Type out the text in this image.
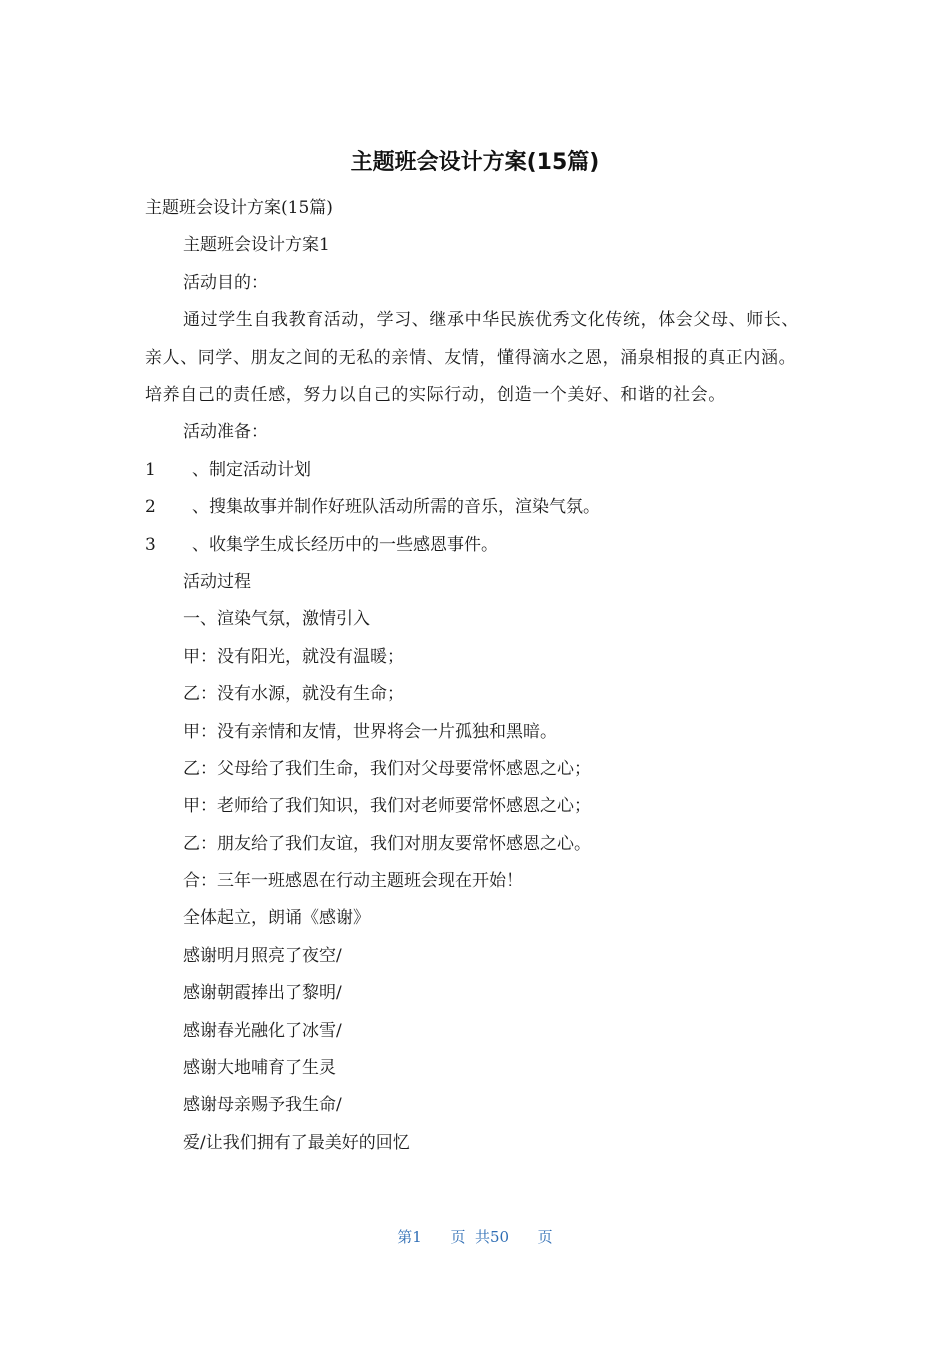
主题班会设计方案(15篇)

主题班会设计方案(15篇)

主题班会设计方案1

活动目的：

通过学生自我教育活动，学习、继承中华民族优秀文化传统，体会父母、师长、亲人、同学、朋友之间的无私的亲情、友情，懂得滴水之恩，涌泉相报的真正内涵。培养自己的责任感，努力以自己的实际行动，创造一个美好、和谐的社会。

活动准备：

1	、制定活动计划
2	、搜集故事并制作好班队活动所需的音乐，渲染气氛。
3	、收集学生成长经历中的一些感恩事件。

活动过程

一、渲染气氛，激情引入

甲：没有阳光，就没有温暖；

乙：没有水源，就没有生命；

甲：没有亲情和友情，世界将会一片孤独和黑暗。

乙：父母给了我们生命，我们对父母要常怀感恩之心；

甲：老师给了我们知识，我们对老师要常怀感恩之心；

乙：朋友给了我们友谊，我们对朋友要常怀感恩之心。

合：三年一班感恩在行动主题班会现在开始！

全体起立，朗诵《感谢》

感谢明月照亮了夜空/

感谢朝霞捧出了黎明/

感谢春光融化了冰雪/

感谢大地哺育了生灵

感谢母亲赐予我生命/

爱/让我们拥有了最美好的回忆

第1      页  共50      页
